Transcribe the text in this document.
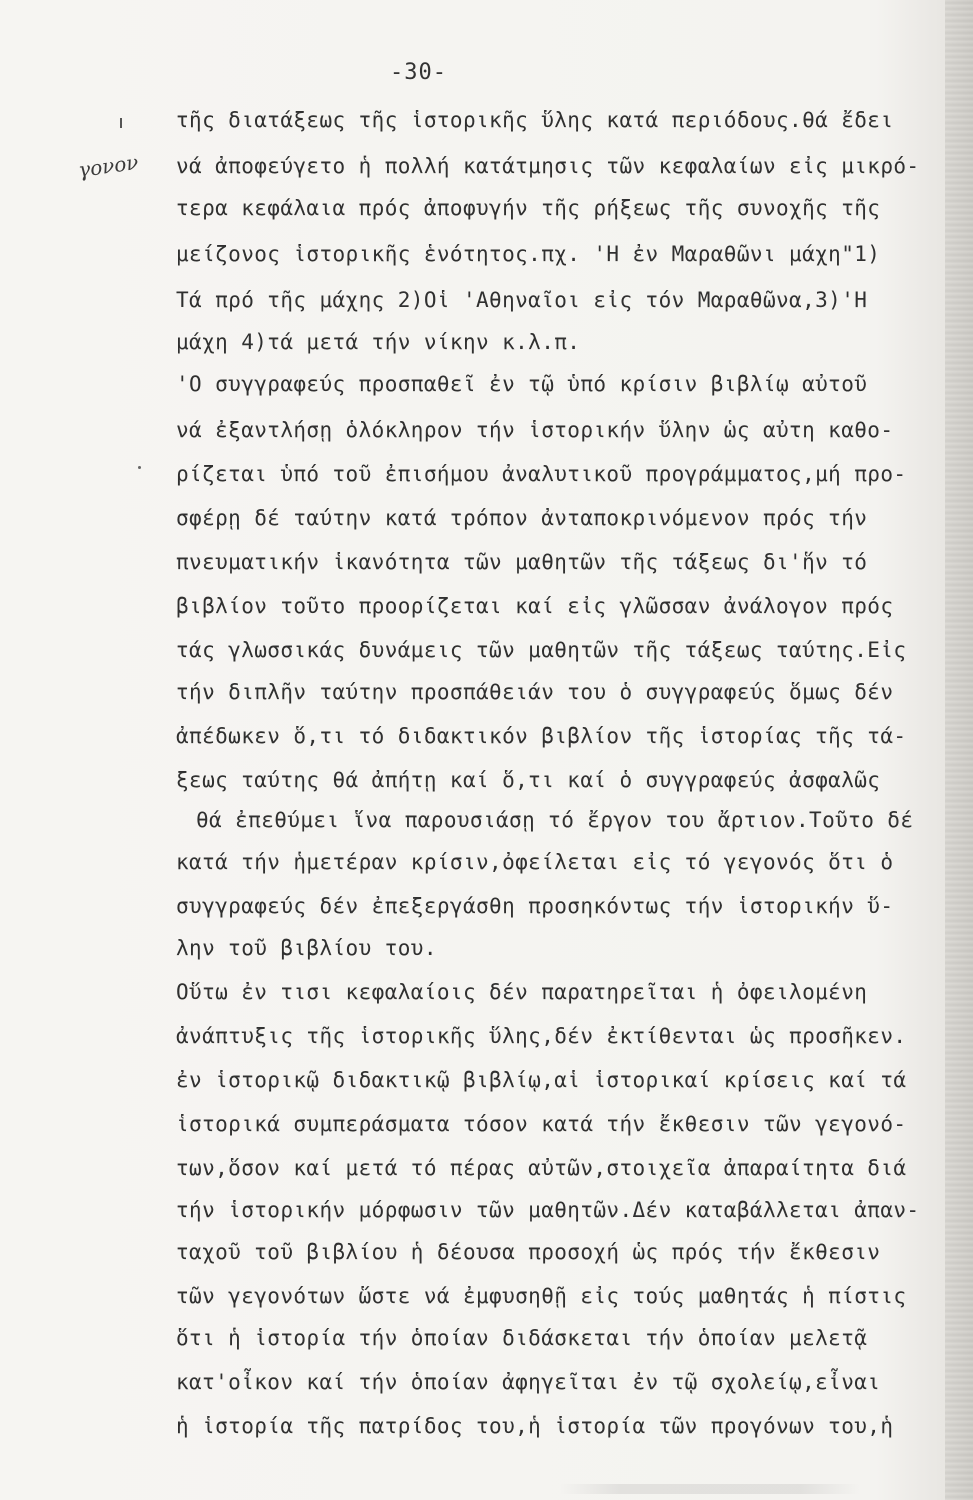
-30-
γονον
τῆς διατάξεως τῆς ἱστορικῆς ὕλης κατά περιόδους.θά ἔδει
νά ἀποφεύγετο ἡ πολλή κατάτμησις τῶν κεφαλαίων εἰς μικρό-
τερα κεφάλαια πρός ἀποφυγήν τῆς ρήξεως τῆς συνοχῆς τῆς
μείζονος ἱστορικῆς ἑνότητος.πχ. 'Η ἐν Μαραθῶνι μάχη"1)
Τά πρό τῆς μάχης 2)Οἱ 'Αθηναῖοι εἰς τόν Μαραθῶνα,3)'Η
μάχη 4)τά μετά τήν νίκην κ.λ.π.
'Ο συγγραφεύς προσπαθεῖ ἐν τῷ ὑπό κρίσιν βιβλίῳ αὐτοῦ
νά ἐξαντλήσῃ ὁλόκληρον τήν ἱστορικήν ὕλην ὡς αὐτη καθο-
ρίζεται ὑπό τοῦ ἐπισήμου ἀναλυτικοῦ προγράμματος,μή προ-
σφέρῃ δέ ταύτην κατά τρόπον ἀνταποκρινόμενον πρός τήν
πνευματικήν ἱκανότητα τῶν μαθητῶν τῆς τάξεως δι'ἥν τό
βιβλίον τοῦτο προορίζεται καί εἰς γλῶσσαν ἀνάλογον πρός
τάς γλωσσικάς δυνάμεις τῶν μαθητῶν τῆς τάξεως ταύτης.Εἰς
τήν διπλῆν ταύτην προσπάθειάν του ὁ συγγραφεύς ὅμως δέν
ἀπέδωκεν ὅ,τι τό διδακτικόν βιβλίον τῆς ἱστορίας τῆς τά-
ξεως ταύτης θά ἀπήτῃ καί ὅ,τι καί ὁ συγγραφεύς ἀσφαλῶς
θά ἐπεθύμει ἵνα παρουσιάσῃ τό ἔργον του ἄρτιον.Τοῦτο δέ
κατά τήν ἡμετέραν κρίσιν,ὀφείλεται εἰς τό γεγονός ὅτι ὁ
συγγραφεύς δέν ἐπεξεργάσθη προσηκόντως τήν ἱστορικήν ὕ-
λην τοῦ βιβλίου του.
Οὕτω ἐν τισι κεφαλαίοις δέν παρατηρεῖται ἡ ὀφειλομένη
ἀνάπτυξις τῆς ἱστορικῆς ὕλης,δέν ἐκτίθενται ὡς προσῆκεν.
ἐν ἱστορικῷ διδακτικῷ βιβλίῳ,αἱ ἱστορικαί κρίσεις καί τά
ἱστορικά συμπεράσματα τόσον κατά τήν ἔκθεσιν τῶν γεγονό-
των,ὅσον καί μετά τό πέρας αὐτῶν,στοιχεῖα ἀπαραίτητα διά
τήν ἱστορικήν μόρφωσιν τῶν μαθητῶν.Δέν καταβάλλεται ἀπαν-
ταχοῦ τοῦ βιβλίου ἡ δέουσα προσοχή ὡς πρός τήν ἔκθεσιν
τῶν γεγονότων ὥστε νά ἐμφυσηθῇ εἰς τούς μαθητάς ἡ πίστις
ὅτι ἡ ἱστορία τήν ὁποίαν διδάσκεται τήν ὁποίαν μελετᾷ
κατ'οἶκον καί τήν ὁποίαν ἀφηγεῖται ἐν τῷ σχολείῳ,εἶναι
ἡ ἱστορία τῆς πατρίδος του,ἡ ἱστορία τῶν προγόνων του,ἡ
